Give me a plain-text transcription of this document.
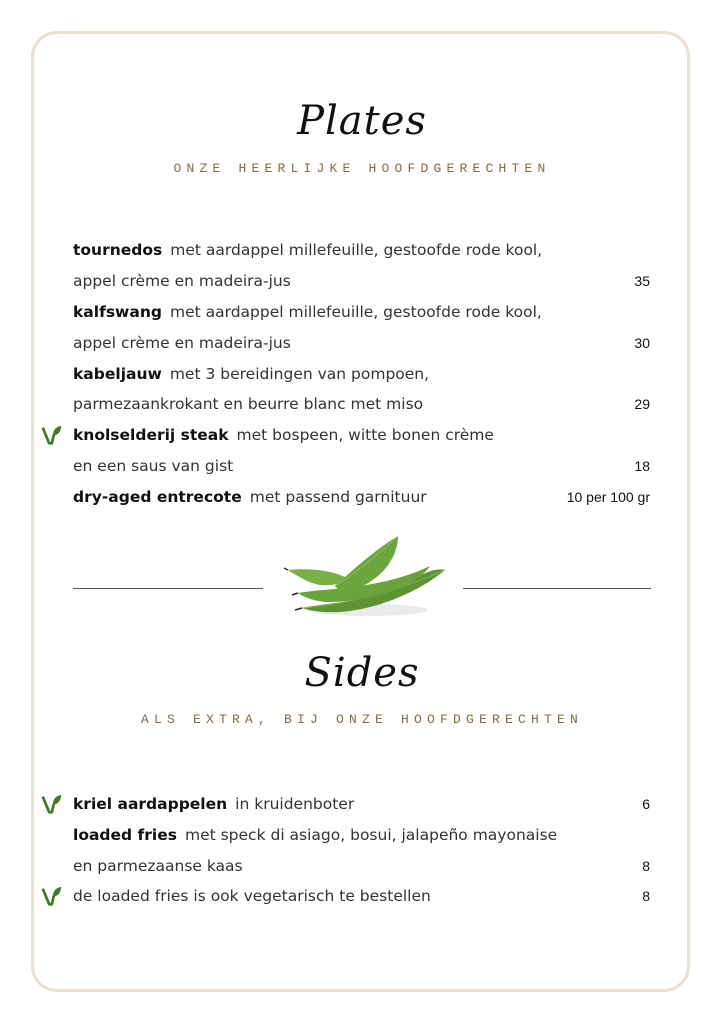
Plates
ONZE HEERLIJKE HOOFDGERECHTEN
tournedos met aardappel millefeuille, gestoofde rode kool,
appel crème en madeira-jus	35
kalfswang met aardappel millefeuille, gestoofde rode kool,
appel crème en madeira-jus	30
kabeljauw met 3 bereidingen van pompoen,
parmezaankrokant en beurre blanc met miso	29
knolselderij steak met bospeen, witte bonen crème
en een saus van gist	18
dry-aged entrecote met passend garnituur	10 per 100 gr
Sides
ALS EXTRA, BIJ ONZE HOOFDGERECHTEN
kriel aardappelen in kruidenboter	6
loaded fries met speck di asiago, bosui, jalapeño mayonaise
en parmezaanse kaas	8
de loaded fries is ook vegetarisch te bestellen	8
